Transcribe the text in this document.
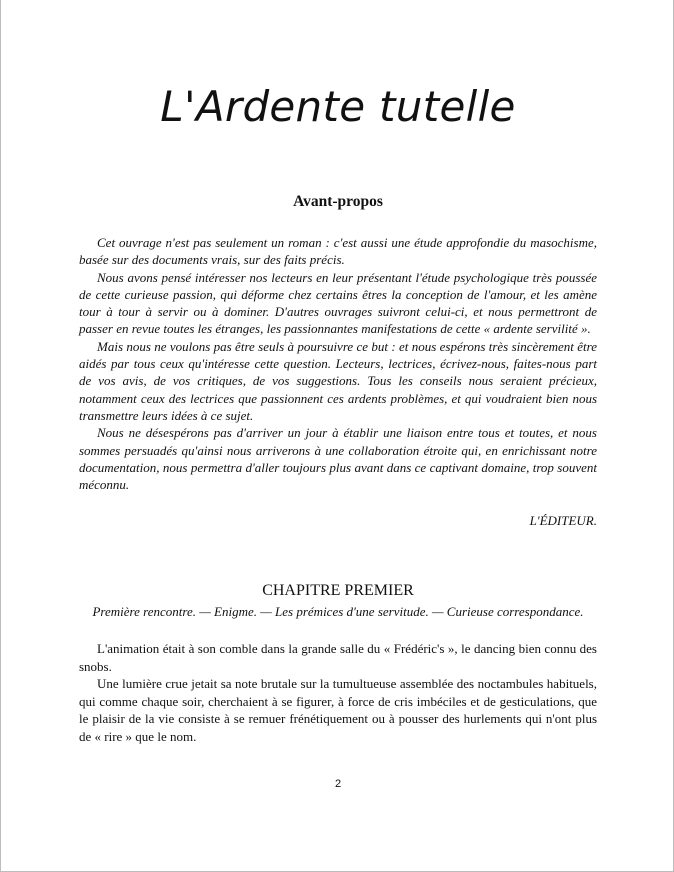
L'Ardente tutelle
Avant-propos

Cet ouvrage n'est pas seulement un roman : c'est aussi une étude approfondie du masochisme, basée sur des documents vrais, sur des faits précis.

Nous avons pensé intéresser nos lecteurs en leur présentant l'étude psychologique très poussée de cette curieuse passion, qui déforme chez certains êtres la conception de l'amour, et les amène tour à tour à servir ou à dominer. D'autres ouvrages suivront celui-ci, et nous permettront de passer en revue toutes les étranges, les passionnantes manifestations de cette « ardente servilité ».

Mais nous ne voulons pas être seuls à poursuivre ce but : et nous espérons très sincèrement être aidés par tous ceux qu'intéresse cette question. Lecteurs, lectrices, écrivez-nous, faites-nous part de vos avis, de vos critiques, de vos suggestions. Tous les conseils nous seraient précieux, notamment ceux des lectrices que passionnent ces ardents problèmes, et qui voudraient bien nous transmettre leurs idées à ce sujet.

Nous ne désespérons pas d'arriver un jour à établir une liaison entre tous et toutes, et nous sommes persuadés qu'ainsi nous arriverons à une collaboration étroite qui, en enrichissant notre documentation, nous permettra d'aller toujours plus avant dans ce captivant domaine, trop souvent méconnu.

L'ÉDITEUR.
CHAPITRE PREMIER
Première rencontre. — Enigme. — Les prémices d'une servitude. — Curieuse correspondance.

L'animation était à son comble dans la grande salle du « Frédéric's », le dancing bien connu des snobs.

Une lumière crue jetait sa note brutale sur la tumultueuse assemblée des noctambules habituels, qui comme chaque soir, cherchaient à se figurer, à force de cris imbéciles et de gesticulations, que le plaisir de la vie consiste à se remuer frénétiquement ou à pousser des hurlements qui n'ont plus de « rire » que le nom.

2
